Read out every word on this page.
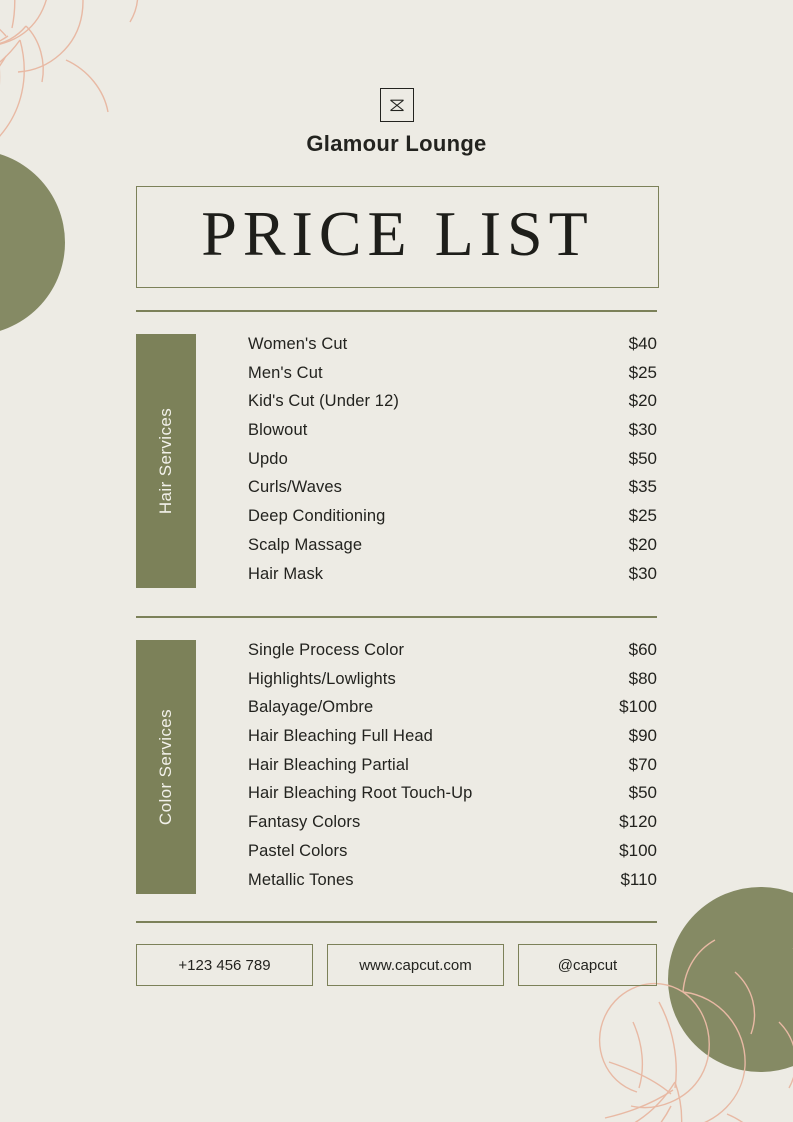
Glamour Lounge
PRICE LIST
Hair Services
Women's Cut	$40
Men's Cut	$25
Kid's Cut (Under 12)	$20
Blowout	$30
Updo	$50
Curls/Waves	$35
Deep Conditioning	$25
Scalp Massage	$20
Hair Mask	$30
Color Services
Single Process Color	$60
Highlights/Lowlights	$80
Balayage/Ombre	$100
Hair Bleaching Full Head	$90
Hair Bleaching Partial	$70
Hair Bleaching Root Touch-Up	$50
Fantasy Colors	$120
Pastel Colors	$100
Metallic Tones	$110
+123 456 789	www.capcut.com	@capcut
